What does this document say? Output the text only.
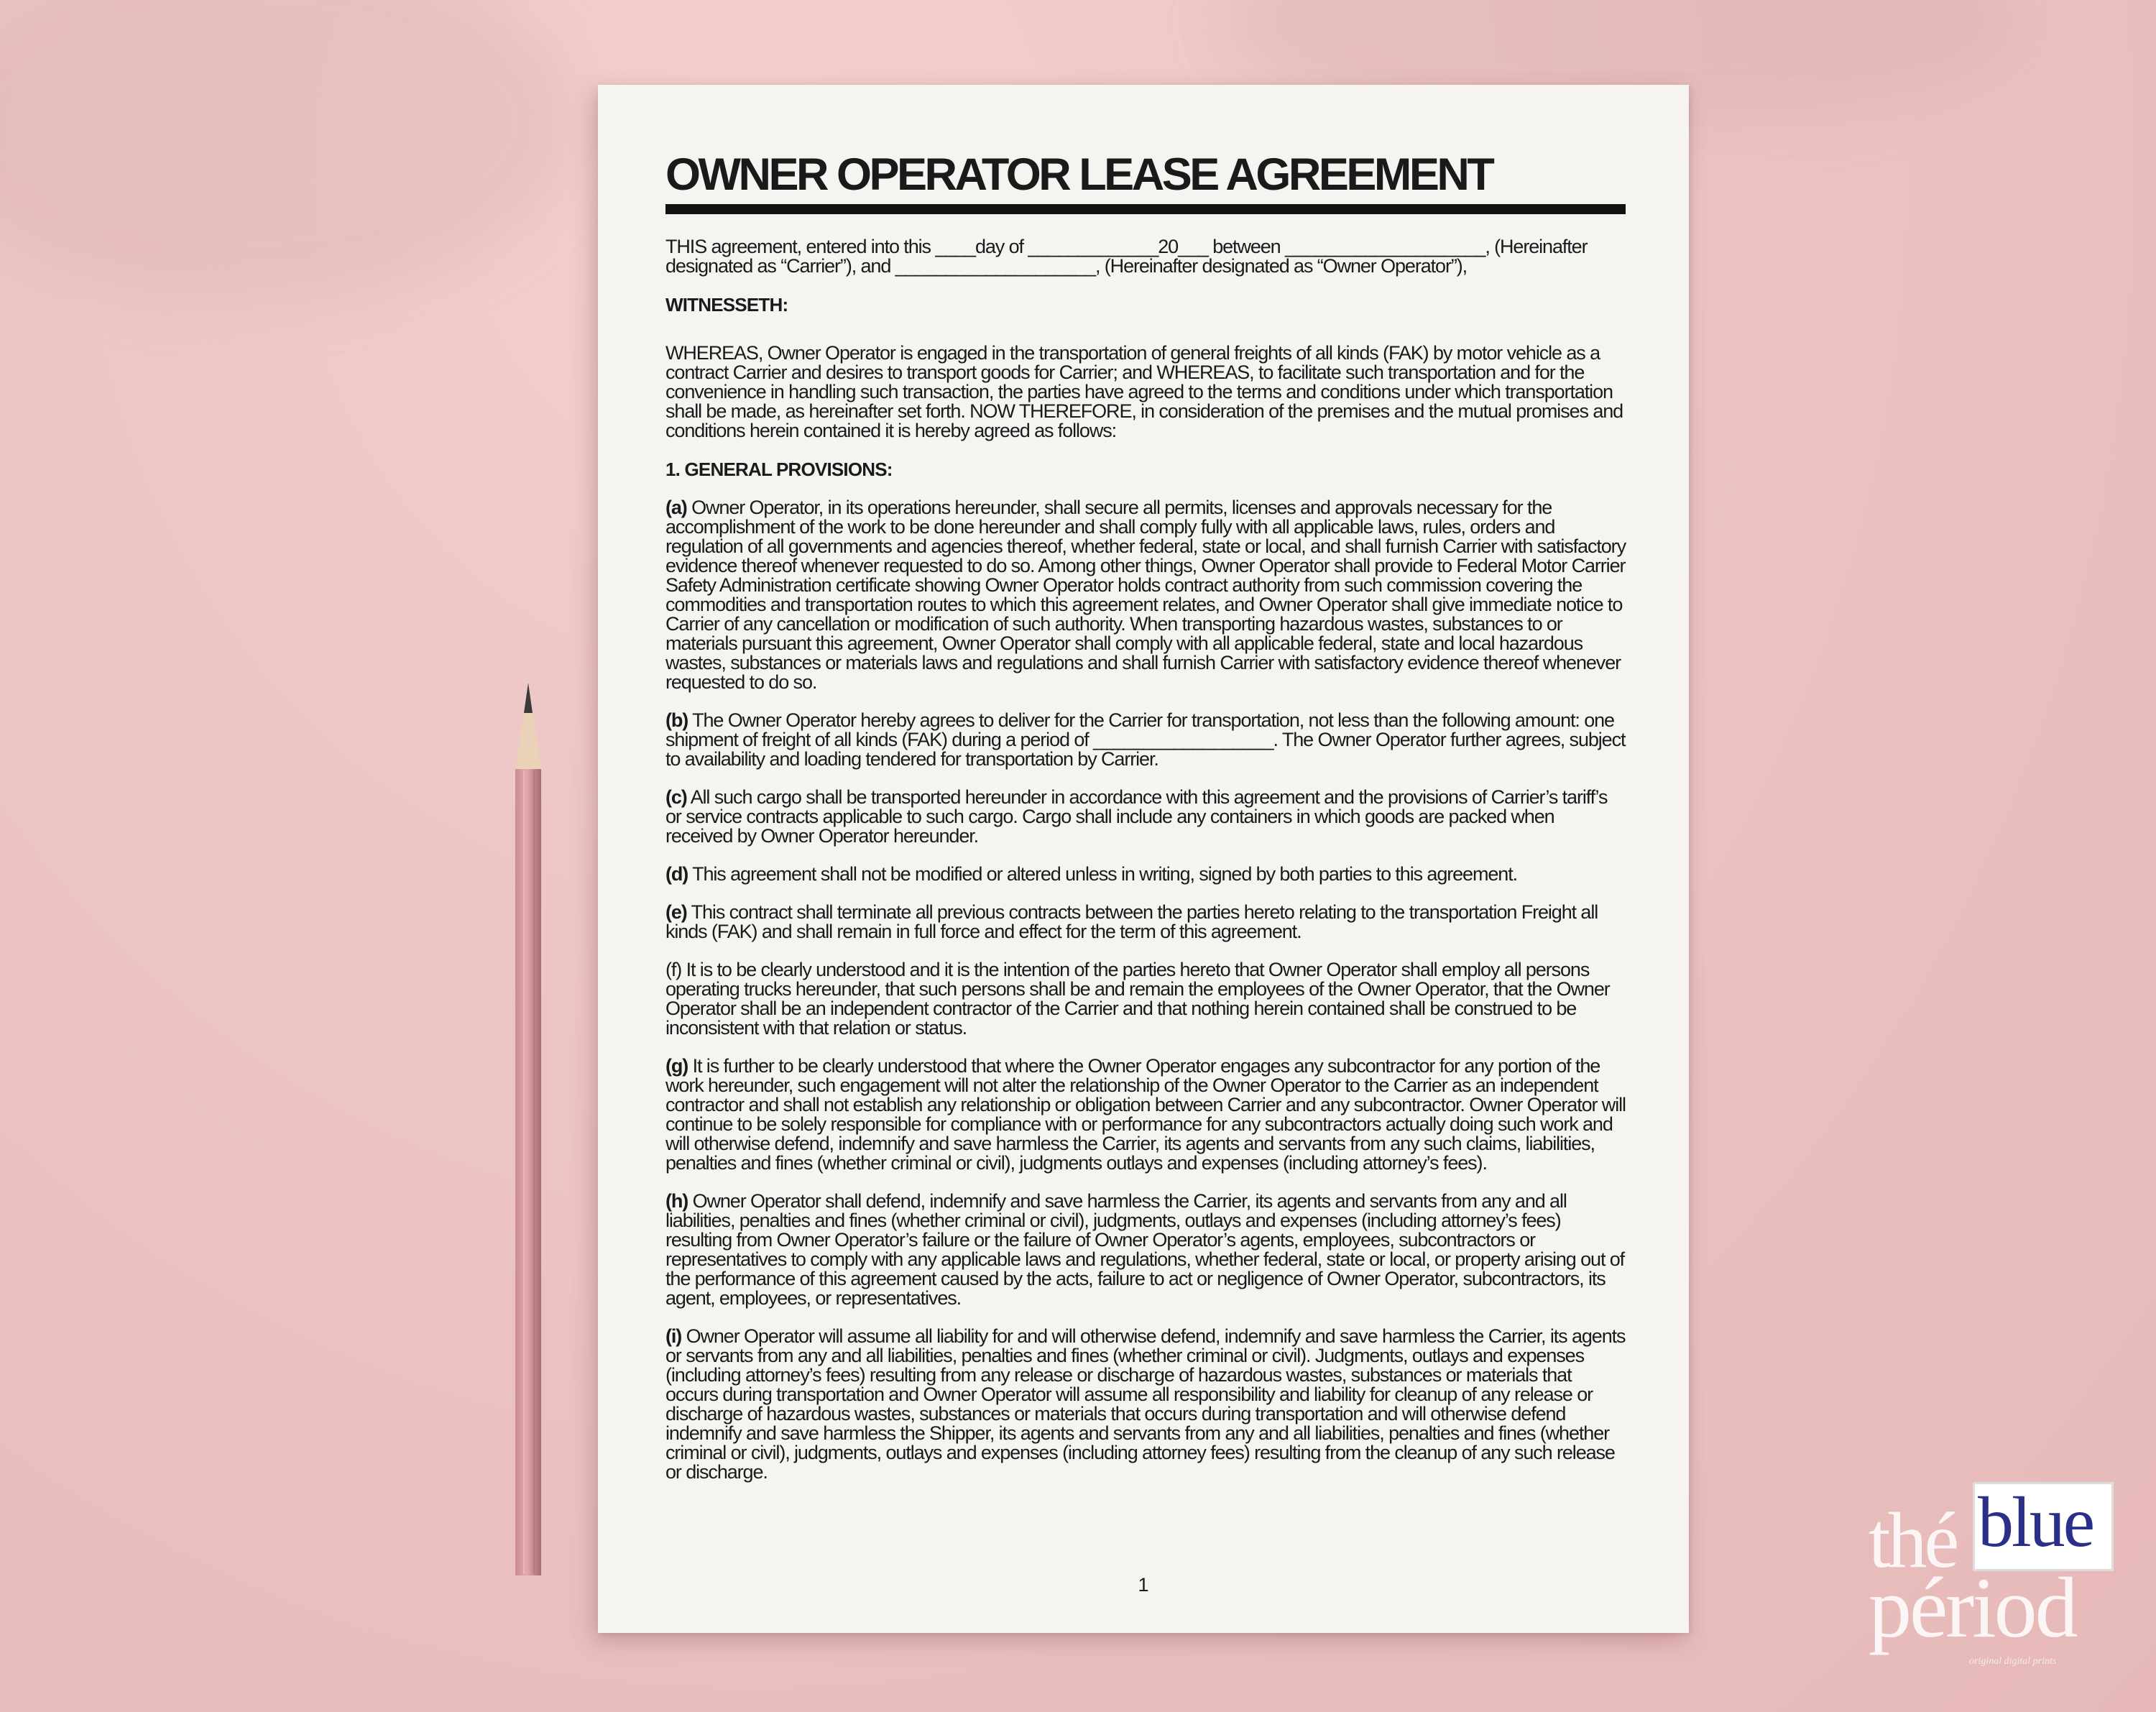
OWNER OPERATOR LEASE AGREEMENT
THIS agreement, entered into this ____day of _____________20___ between ____________________, (Hereinafter designated as “Carrier”), and ____________________, (Hereinafter designated as “Owner Operator”),
WITNESSETH:
WHEREAS, Owner Operator is engaged in the transportation of general freights of all kinds (FAK) by motor vehicle as a contract Carrier and desires to transport goods for Carrier; and WHEREAS, to facilitate such transportation and for the convenience in handling such transaction, the parties have agreed to the terms and conditions under which transportation shall be made, as hereinafter set forth. NOW THEREFORE, in consideration of the premises and the mutual promises and conditions herein contained it is hereby agreed as follows:
1. GENERAL PROVISIONS:
(a) Owner Operator, in its operations hereunder, shall secure all permits, licenses and approvals necessary for the accomplishment of the work to be done hereunder and shall comply fully with all applicable laws, rules, orders and regulation of all governments and agencies thereof, whether federal, state or local, and shall furnish Carrier with satisfactory evidence thereof whenever requested to do so. Among other things, Owner Operator shall provide to Federal Motor Carrier Safety Administration certificate showing Owner Operator holds contract authority from such commission covering the commodities and transportation routes to which this agreement relates, and Owner Operator shall give immediate notice to Carrier of any cancellation or modification of such authority. When transporting hazardous wastes, substances to or materials pursuant this agreement, Owner Operator shall comply with all applicable federal, state and local hazardous wastes, substances or materials laws and regulations and shall furnish Carrier with satisfactory evidence thereof whenever requested to do so.
(b) The Owner Operator hereby agrees to deliver for the Carrier for transportation, not less than the following amount: one shipment of freight of all kinds (FAK) during a period of __________________. The Owner Operator further agrees, subject to availability and loading tendered for transportation by Carrier.
(c) All such cargo shall be transported hereunder in accordance with this agreement and the provisions of Carrier’s tariff’s or service contracts applicable to such cargo. Cargo shall include any containers in which goods are packed when received by Owner Operator hereunder.
(d) This agreement shall not be modified or altered unless in writing, signed by both parties to this agreement.
(e) This contract shall terminate all previous contracts between the parties hereto relating to the transportation Freight all kinds (FAK) and shall remain in full force and effect for the term of this agreement.
(f) It is to be clearly understood and it is the intention of the parties hereto that Owner Operator shall employ all persons operating trucks hereunder, that such persons shall be and remain the employees of the Owner Operator, that the Owner Operator shall be an independent contractor of the Carrier and that nothing herein contained shall be construed to be inconsistent with that relation or status.
(g) It is further to be clearly understood that where the Owner Operator engages any subcontractor for any portion of the work hereunder, such engagement will not alter the relationship of the Owner Operator to the Carrier as an independent contractor and shall not establish any relationship or obligation between Carrier and any subcontractor. Owner Operator will continue to be solely responsible for compliance with or performance for any subcontractors actually doing such work and will otherwise defend, indemnify and save harmless the Carrier, its agents and servants from any such claims, liabilities, penalties and fines (whether criminal or civil), judgments outlays and expenses (including attorney’s fees).
(h) Owner Operator shall defend, indemnify and save harmless the Carrier, its agents and servants from any and all liabilities, penalties and fines (whether criminal or civil), judgments, outlays and expenses (including attorney’s fees) resulting from Owner Operator’s failure or the failure of Owner Operator’s agents, employees, subcontractors or representatives to comply with any applicable laws and regulations, whether federal, state or local, or property arising out of the performance of this agreement caused by the acts, failure to act or negligence of Owner Operator, subcontractors, its agent, employees, or representatives.
(i) Owner Operator will assume all liability for and will otherwise defend, indemnify and save harmless the Carrier, its agents or servants from any and all liabilities, penalties and fines (whether criminal or civil). Judgments, outlays and expenses (including attorney’s fees) resulting from any release or discharge of hazardous wastes, substances or materials that occurs during transportation and Owner Operator will assume all responsibility and liability for cleanup of any release or discharge of hazardous wastes, substances or materials that occurs during transportation and will otherwise defend indemnify and save harmless the Shipper, its agents and servants from any and all liabilities, penalties and fines (whether criminal or civil), judgments, outlays and expenses (including attorney fees) resulting from the cleanup of any such release or discharge.
1
thé blue
périod
original digital prints
